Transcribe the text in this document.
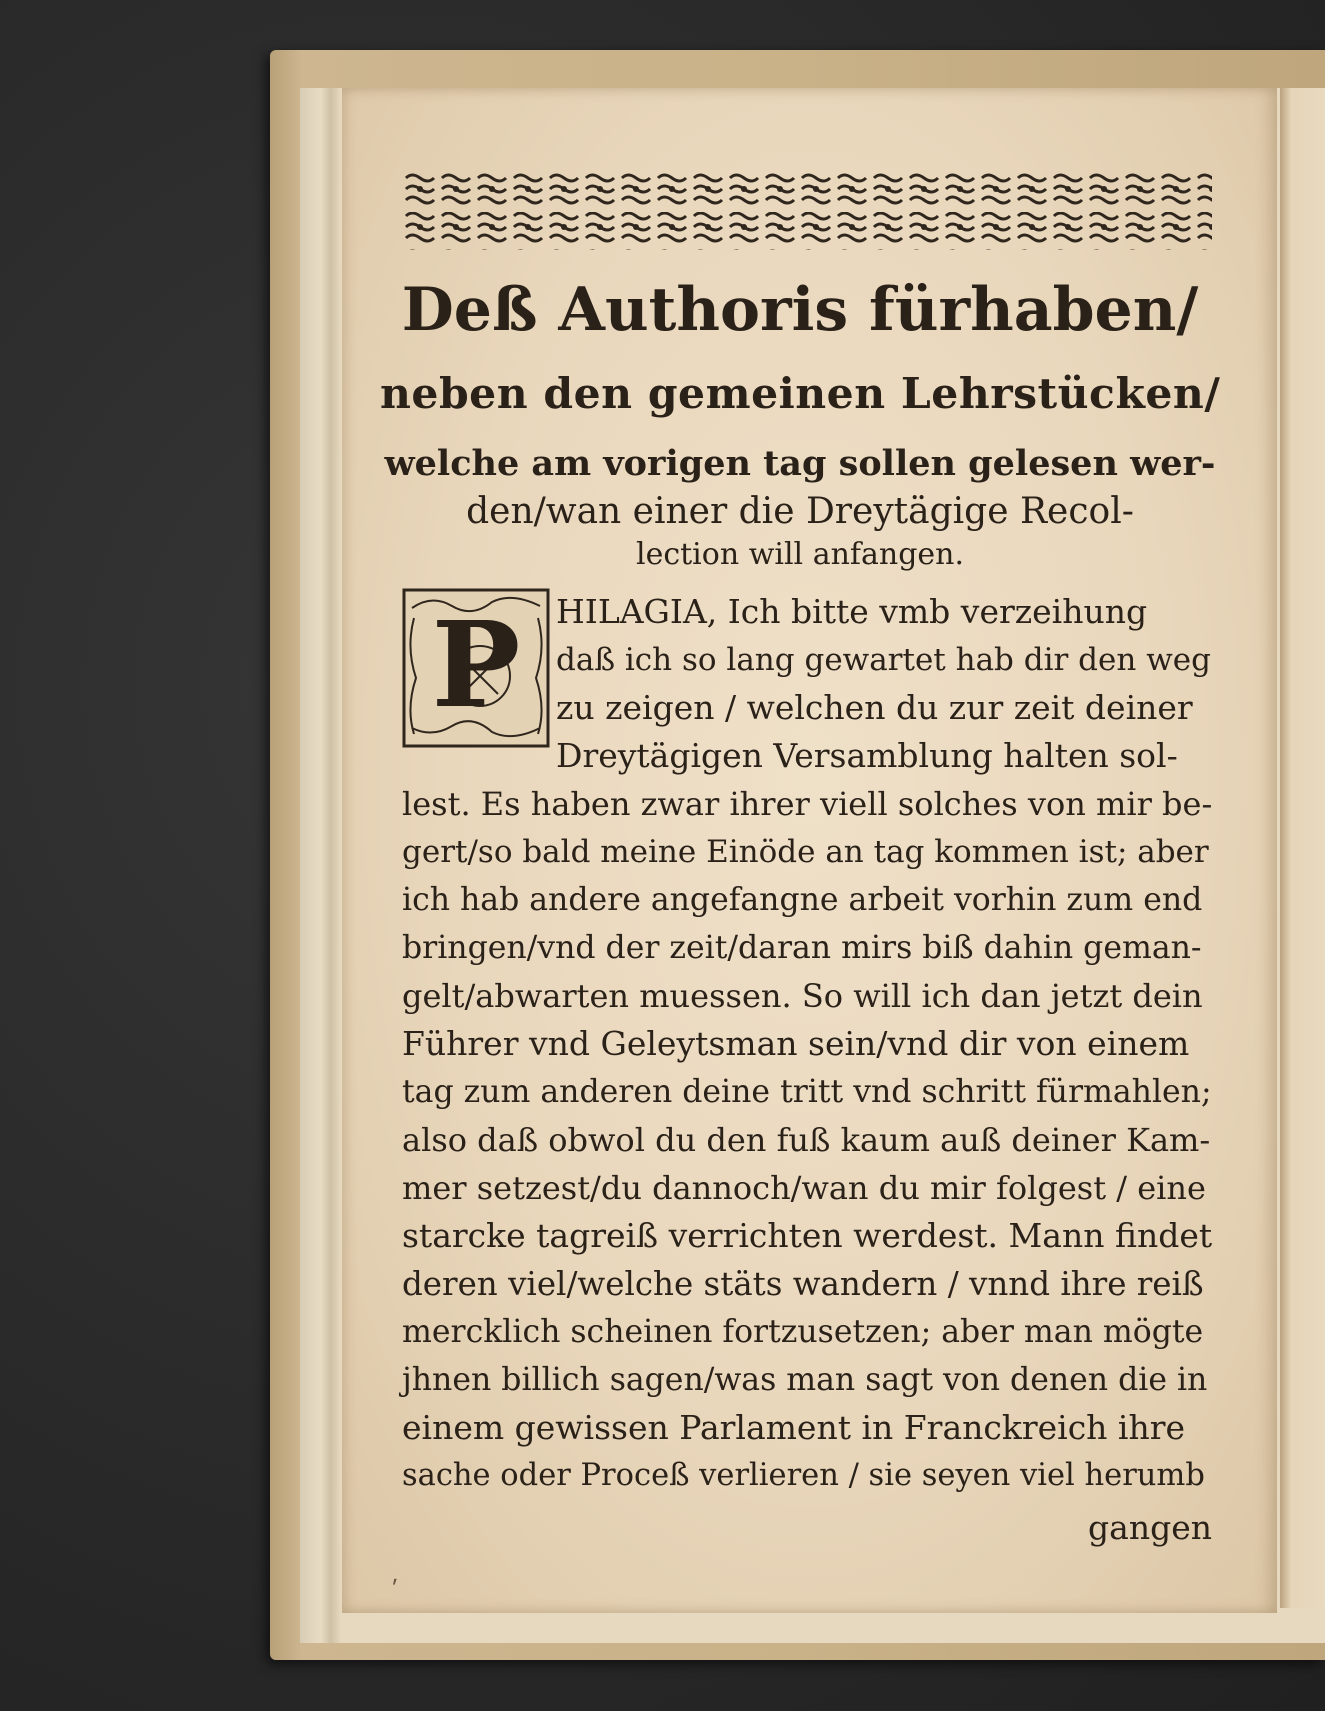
Deß Authoris fürhaben/

neben den gemeinen Lehrstücken/

welche am vorigen tag sollen gelesen wer-

den/wan einer die Dreytägige Recol-

lection will anfangen.

P HILAGIA, Ich bitte vmb verzeihung

daß ich so lang gewartet hab dir den weg

zu zeigen / welchen du zur zeit deiner

Dreytägigen Versamblung halten sol-

lest. Es haben zwar ihrer viell solches von mir be-

gert/so bald meine Einöde an tag kommen ist; aber

ich hab andere angefangne arbeit vorhin zum end

bringen/vnd der zeit/daran mirs biß dahin geman-

gelt/abwarten muessen. So will ich dan jetzt dein

Führer vnd Geleytsman sein/vnd dir von einem

tag zum anderen deine tritt vnd schritt fürmahlen;

also daß obwol du den fuß kaum auß deiner Kam-

mer setzest/du dannoch/wan du mir folgest / eine

starcke tagreiß verrichten werdest. Mann findet

deren viel/welche stäts wandern / vnnd ihre reiß

mercklich scheinen fortzusetzen; aber man mögte

jhnen billich sagen/was man sagt von denen die in

einem gewissen Parlament in Franckreich ihre

sache oder Proceß verlieren / sie seyen viel herumb

gangen

⸴
